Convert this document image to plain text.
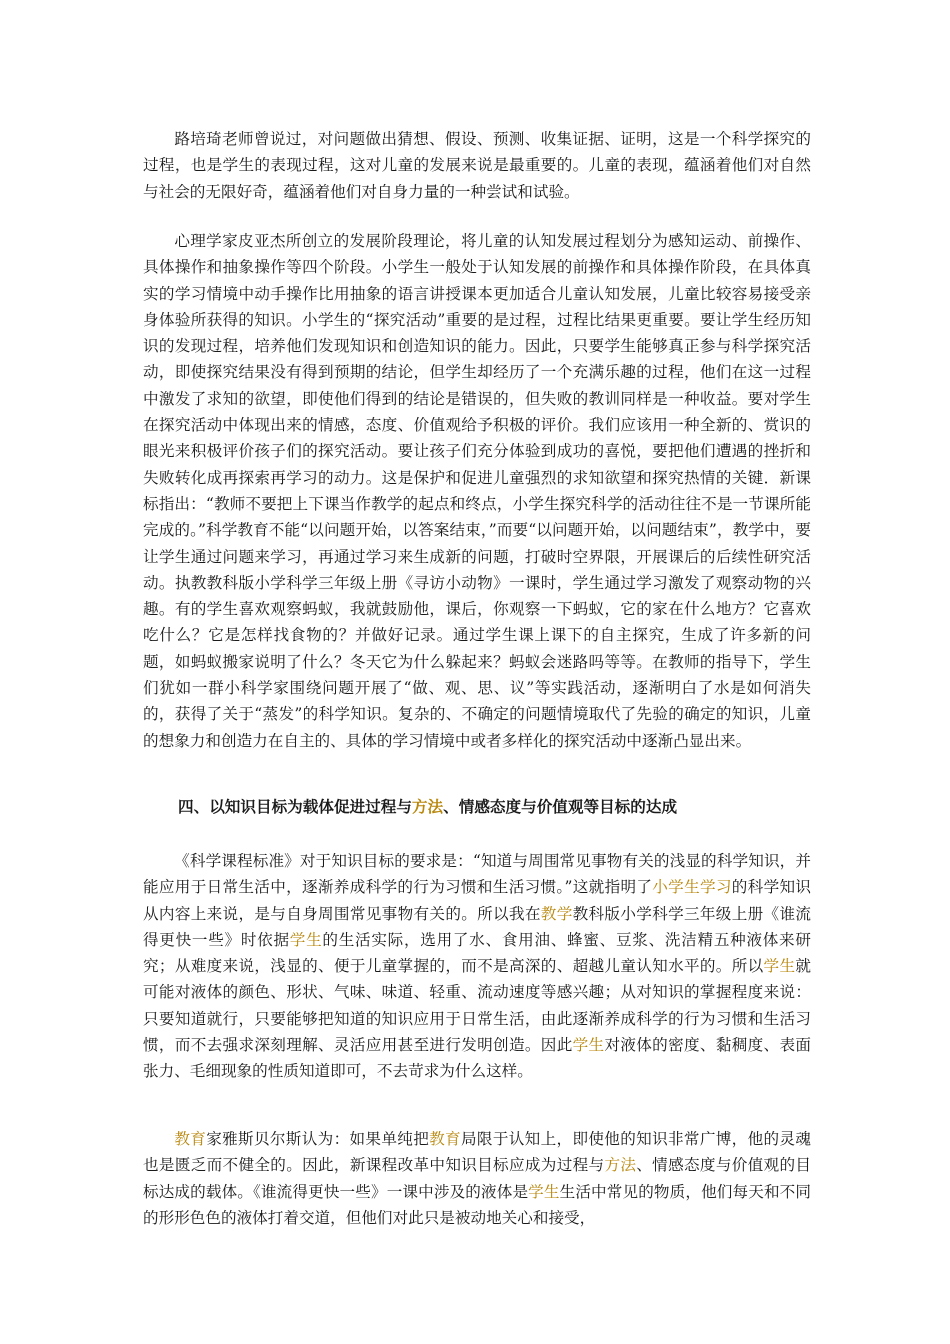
路培琦老师曾说过，对问题做出猜想、假设、预测、收集证据、证明，这是一个科学探究的过程，也是学生的表现过程，这对儿童的发展来说是最重要的。儿童的表现，蕴涵着他们对自然与社会的无限好奇，蕴涵着他们对自身力量的一种尝试和试验。

心理学家皮亚杰所创立的发展阶段理论，将儿童的认知发展过程划分为感知运动、前操作、具体操作和抽象操作等四个阶段。小学生一般处于认知发展的前操作和具体操作阶段，在具体真实的学习情境中动手操作比用抽象的语言讲授课本更加适合儿童认知发展，儿童比较容易接受亲身体验所获得的知识。小学生的“探究活动”重要的是过程，过程比结果更重要。要让学生经历知识的发现过程，培养他们发现知识和创造知识的能力。因此，只要学生能够真正参与科学探究活动，即使探究结果没有得到预期的结论，但学生却经历了一个充满乐趣的过程，他们在这一过程中激发了求知的欲望，即使他们得到的结论是错误的，但失败的教训同样是一种收益。要对学生在探究活动中体现出来的情感，态度、价值观给予积极的评价。我们应该用一种全新的、赏识的眼光来积极评价孩子们的探究活动。要让孩子们充分体验到成功的喜悦，要把他们遭遇的挫折和失败转化成再探索再学习的动力。这是保护和促进儿童强烈的求知欲望和探究热情的关键．新课标指出：“教师不要把上下课当作教学的起点和终点，小学生探究科学的活动往往不是一节课所能完成的。”科学教育不能“以问题开始，以答案结束，”而要“以问题开始，以问题结束”，教学中，要让学生通过问题来学习，再通过学习来生成新的问题，打破时空界限，开展课后的后续性研究活动。执教教科版小学科学三年级上册《寻访小动物》一课时，学生通过学习激发了观察动物的兴趣。有的学生喜欢观察蚂蚁，我就鼓励他，课后，你观察一下蚂蚁，它的家在什么地方？它喜欢吃什么？它是怎样找食物的？并做好记录。通过学生课上课下的自主探究，生成了许多新的问题，如蚂蚁搬家说明了什么？冬天它为什么躲起来？蚂蚁会迷路吗等等。在教师的指导下，学生们犹如一群小科学家围绕问题开展了“做、观、思、议”等实践活动，逐渐明白了水是如何消失的，获得了关于“蒸发”的科学知识。复杂的、不确定的问题情境取代了先验的确定的知识，儿童的想象力和创造力在自主的、具体的学习情境中或者多样化的探究活动中逐渐凸显出来。

四、以知识目标为载体促进过程与方法、情感态度与价值观等目标的达成

《科学课程标准》对于知识目标的要求是：“知道与周围常见事物有关的浅显的科学知识，并能应用于日常生活中，逐渐养成科学的行为习惯和生活习惯。”这就指明了小学生学习的科学知识从内容上来说，是与自身周围常见事物有关的。所以我在教学教科版小学科学三年级上册《谁流得更快一些》时依据学生的生活实际，选用了水、食用油、蜂蜜、豆浆、洗洁精五种液体来研究；从难度来说，浅显的、便于儿童掌握的，而不是高深的、超越儿童认知水平的。所以学生就可能对液体的颜色、形状、气味、味道、轻重、流动速度等感兴趣；从对知识的掌握程度来说：只要知道就行，只要能够把知道的知识应用于日常生活，由此逐渐养成科学的行为习惯和生活习惯，而不去强求深刻理解、灵活应用甚至进行发明创造。因此学生对液体的密度、黏稠度、表面张力、毛细现象的性质知道即可，不去苛求为什么这样。

教育家雅斯贝尔斯认为：如果单纯把教育局限于认知上，即使他的知识非常广博，他的灵魂也是匮乏而不健全的。因此，新课程改革中知识目标应成为过程与方法、情感态度与价值观的目标达成的载体。《谁流得更快一些》一课中涉及的液体是学生生活中常见的物质，他们每天和不同的形形色色的液体打着交道，但他们对此只是被动地关心和接受，
